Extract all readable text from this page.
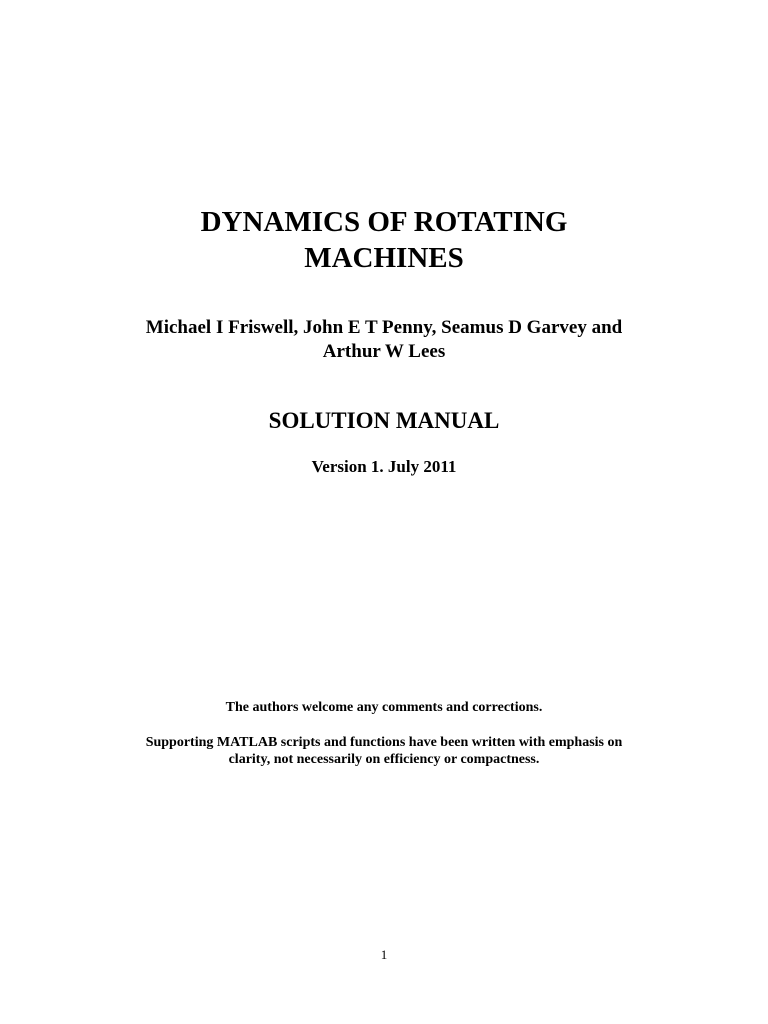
DYNAMICS OF ROTATING
MACHINES
Michael I Friswell, John E T Penny, Seamus D Garvey and
Arthur W Lees
SOLUTION MANUAL
Version 1. July 2011
The authors welcome any comments and corrections.
Supporting MATLAB scripts and functions have been written with emphasis on
clarity, not necessarily on efficiency or compactness.
1
